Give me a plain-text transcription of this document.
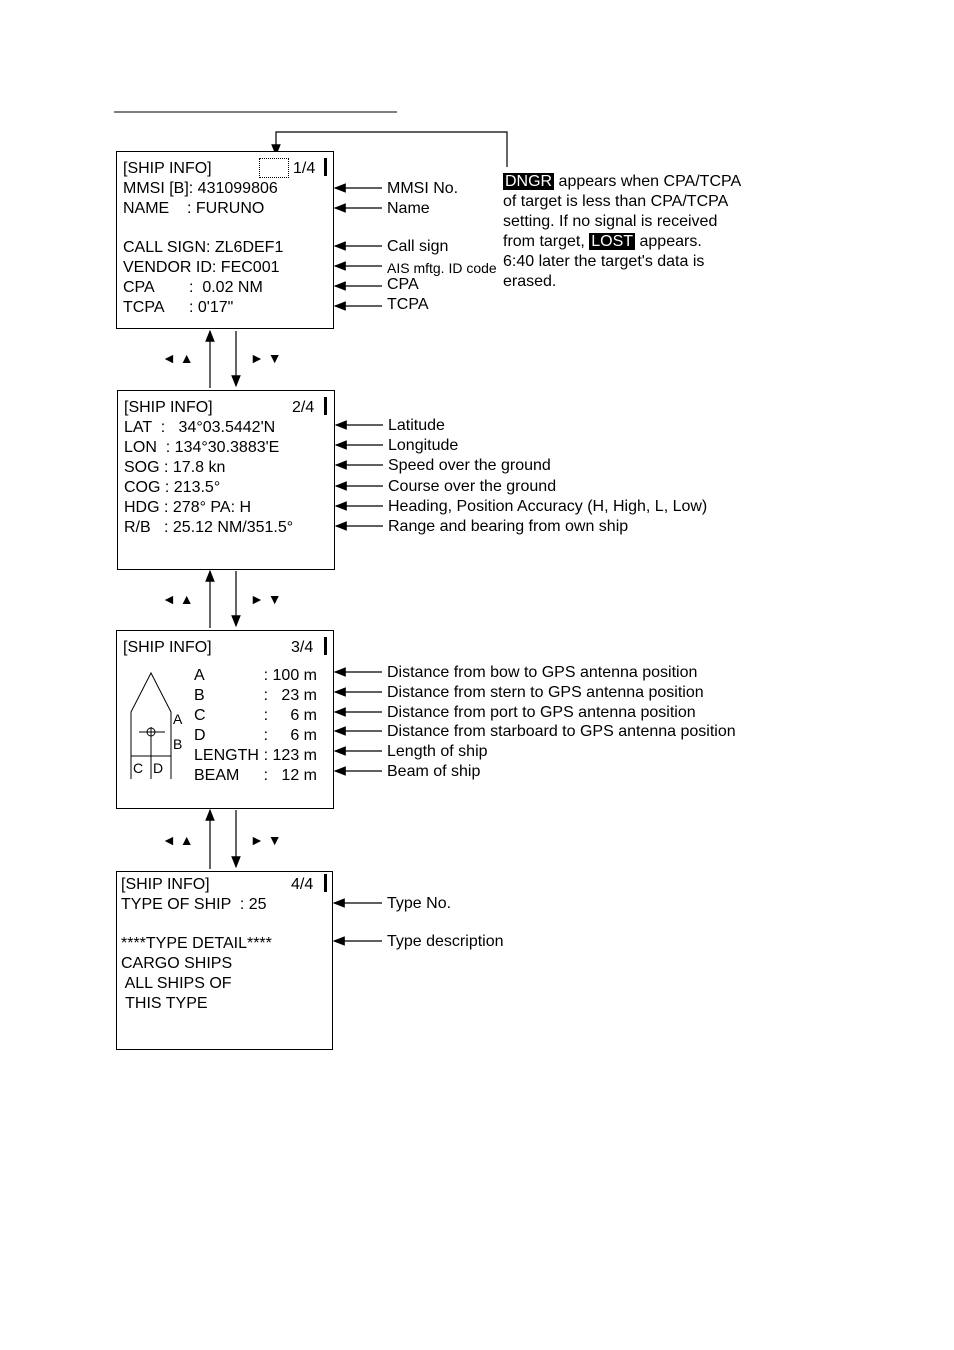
[SHIP INFO]	1/4
MMSI [B]: 431099806
NAME    : FURUNO
CALL SIGN: ZL6DEF1
VENDOR ID: FEC001
CPA :  0.02 NM
TCPA : 0'17"
MMSI No.
Name
Call sign
AIS mftg. ID code
CPA
TCPA
DNGR appears when CPA/TCPA
of target is less than CPA/TCPA
setting. If no signal is received
from target, LOST appears.
6:40 later the target's data is
erased.
◄ ▲	► ▼
[SHIP INFO]	2/4
LAT  :   34°03.5442'N
LON  : 134°30.3883'E
SOG : 17.8 kn
COG : 213.5°
HDG : 278° PA: H
R/B   : 25.12 NM/351.5°
Latitude
Longitude
Speed over the ground
Course over the ground
Heading, Position Accuracy (H, High, L, Low)
Range and bearing from own ship
◄ ▲	► ▼
[SHIP INFO]	3/4
A
B
C D
A	: 100 m
B	:   23 m
C	:     6 m
D	:     6 m
LENGTH : 123 m
BEAM :   12 m
Distance from bow to GPS antenna position
Distance from stern to GPS antenna position
Distance from port to GPS antenna position
Distance from starboard to GPS antenna position
Length of ship
Beam of ship
◄ ▲	► ▼
[SHIP INFO]	4/4
TYPE OF SHIP  : 25
****TYPE DETAIL****
CARGO SHIPS
ALL SHIPS OF
THIS TYPE
Type No.
Type description
